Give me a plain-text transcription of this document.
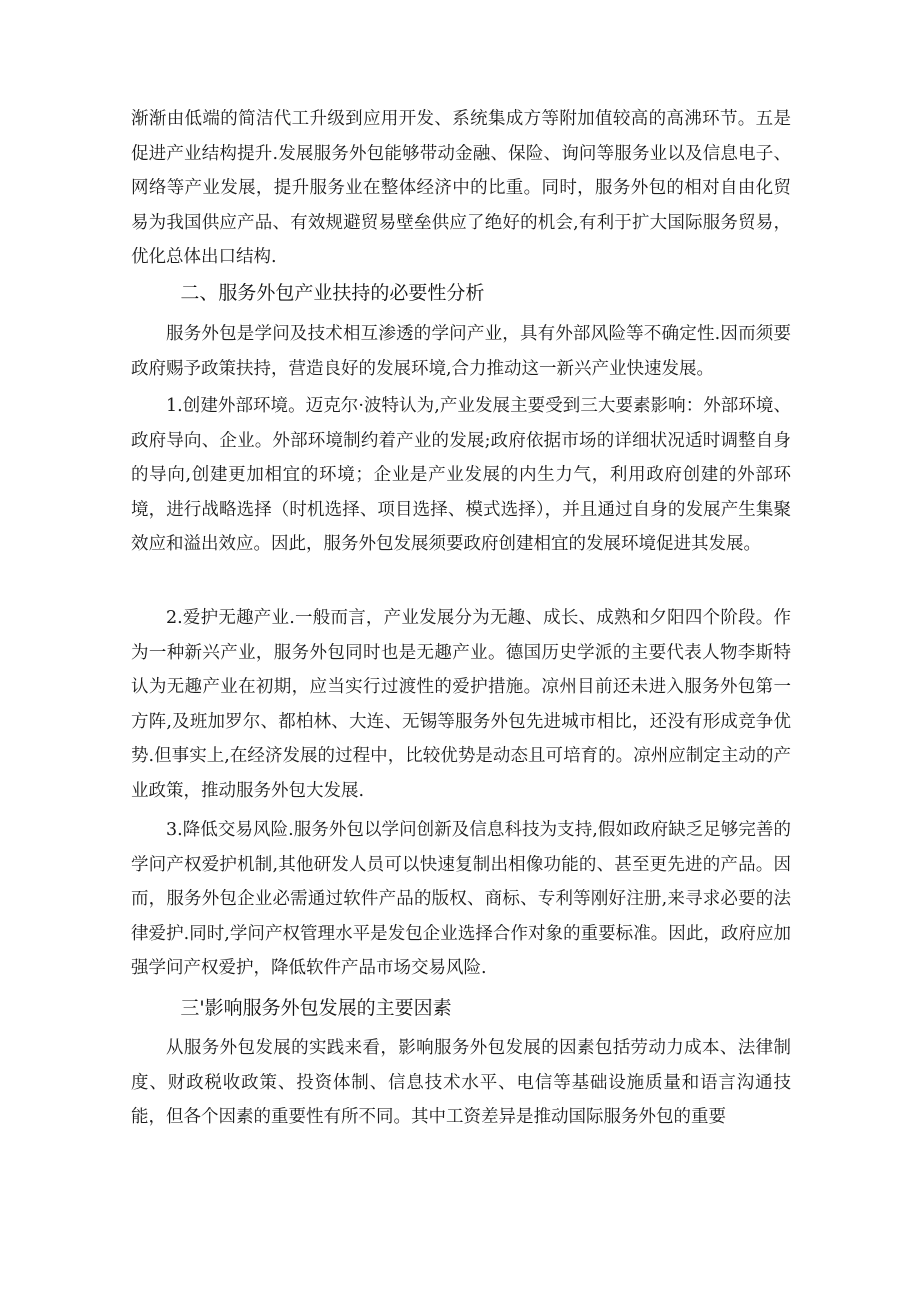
渐渐由低端的简洁代工升级到应用开发、系统集成方等附加值较高的高沸环节。五是促进产业结构提升.发展服务外包能够带动金融、保险、询问等服务业以及信息电子、网络等产业发展，提升服务业在整体经济中的比重。同时，服务外包的相对自由化贸易为我国供应产品、有效规避贸易壁垒供应了绝好的机会,有利于扩大国际服务贸易，优化总体出口结构.

二、服务外包产业扶持的必要性分析

服务外包是学问及技术相互渗透的学问产业，具有外部风险等不确定性.因而须要政府赐予政策扶持，营造良好的发展环境,合力推动这一新兴产业快速发展。

1.创建外部环境。迈克尔·波特认为,产业发展主要受到三大要素影响：外部环境、政府导向、企业。外部环境制约着产业的发展;政府依据市场的详细状况适时调整自身的导向,创建更加相宜的环境；企业是产业发展的内生力气，利用政府创建的外部环境，进行战略选择（时机选择、项目选择、模式选择），并且通过自身的发展产生集聚效应和溢出效应。因此，服务外包发展须要政府创建相宜的发展环境促进其发展。

2.爱护无趣产业.一般而言，产业发展分为无趣、成长、成熟和夕阳四个阶段。作为一种新兴产业，服务外包同时也是无趣产业。德国历史学派的主要代表人物李斯特认为无趣产业在初期，应当实行过渡性的爱护措施。凉州目前还未进入服务外包第一方阵,及班加罗尔、都柏林、大连、无锡等服务外包先进城市相比，还没有形成竞争优势.但事实上,在经济发展的过程中，比较优势是动态且可培育的。凉州应制定主动的产业政策，推动服务外包大发展.

3.降低交易风险.服务外包以学问创新及信息科技为支持,假如政府缺乏足够完善的学问产权爱护机制,其他研发人员可以快速复制出相像功能的、甚至更先进的产品。因而，服务外包企业必需通过软件产品的版权、商标、专利等刚好注册,来寻求必要的法律爱护.同时,学问产权管理水平是发包企业选择合作对象的重要标准。因此，政府应加强学问产权爱护，降低软件产品市场交易风险.

三'影响服务外包发展的主要因素

从服务外包发展的实践来看，影响服务外包发展的因素包括劳动力成本、法律制度、财政税收政策、投资体制、信息技术水平、电信等基础设施质量和语言沟通技能，但各个因素的重要性有所不同。其中工资差异是推动国际服务外包的重要
